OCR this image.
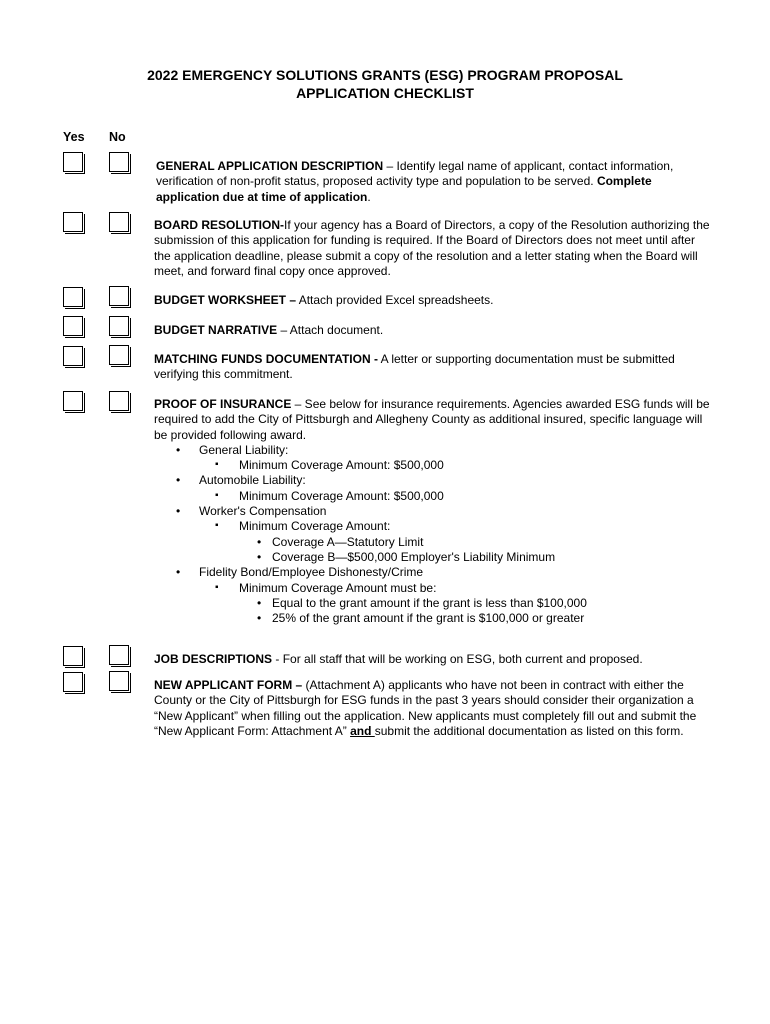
2022 EMERGENCY SOLUTIONS GRANTS (ESG) PROGRAM PROPOSAL
APPLICATION CHECKLIST
Yes No
GENERAL APPLICATION DESCRIPTION – Identify legal name of applicant, contact information, verification of non-profit status, proposed activity type and population to be served. Complete application due at time of application.
BOARD RESOLUTION-If your agency has a Board of Directors, a copy of the Resolution authorizing the submission of this application for funding is required. If the Board of Directors does not meet until after the application deadline, please submit a copy of the resolution and a letter stating when the Board will meet, and forward final copy once approved.
BUDGET WORKSHEET – Attach provided Excel spreadsheets.
BUDGET NARRATIVE – Attach document.
MATCHING FUNDS DOCUMENTATION - A letter or supporting documentation must be submitted verifying this commitment.
PROOF OF INSURANCE – See below for insurance requirements. Agencies awarded ESG funds will be required to add the City of Pittsburgh and Allegheny County as additional insured, specific language will be provided following award.
• General Liability:
▪ Minimum Coverage Amount: $500,000
• Automobile Liability:
▪ Minimum Coverage Amount: $500,000
• Worker's Compensation
▪ Minimum Coverage Amount:
• Coverage A—Statutory Limit
• Coverage B—$500,000 Employer's Liability Minimum
• Fidelity Bond/Employee Dishonesty/Crime
▪ Minimum Coverage Amount must be:
• Equal to the grant amount if the grant is less than $100,000
• 25% of the grant amount if the grant is $100,000 or greater
JOB DESCRIPTIONS - For all staff that will be working on ESG, both current and proposed.
NEW APPLICANT FORM – (Attachment A) applicants who have not been in contract with either the County or the City of Pittsburgh for ESG funds in the past 3 years should consider their organization a “New Applicant” when filling out the application. New applicants must completely fill out and submit the “New Applicant Form: Attachment A” and submit the additional documentation as listed on this form.
